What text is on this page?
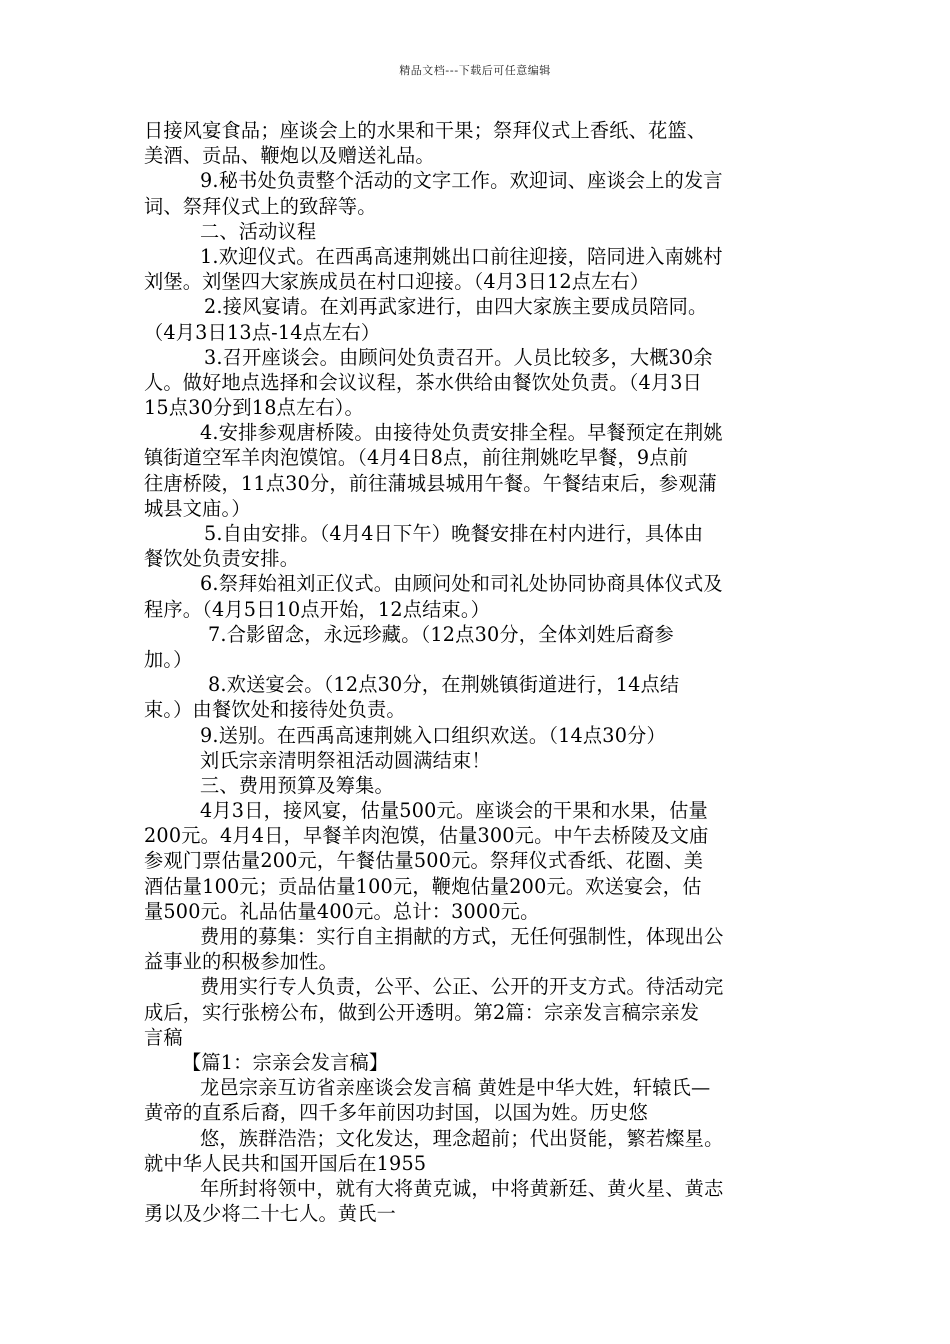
精品文档---下载后可任意编辑
日接风宴食品；座谈会上的水果和干果；祭拜仪式上香纸、花篮、
美酒、贡品、鞭炮以及赠送礼品。
9.秘书处负责整个活动的文字工作。欢迎词、座谈会上的发言
词、祭拜仪式上的致辞等。
二、活动议程
1.欢迎仪式。在西禹高速荆姚出口前往迎接，陪同进入南姚村
刘堡。刘堡四大家族成员在村口迎接。（4月3日12点左右）
2.接风宴请。在刘再武家进行，由四大家族主要成员陪同。
（4月3日13点-14点左右）
3.召开座谈会。由顾问处负责召开。人员比较多，大概30余
人。做好地点选择和会议议程，茶水供给由餐饮处负责。（4月3日
15点30分到18点左右）。
4.安排参观唐桥陵。由接待处负责安排全程。早餐预定在荆姚
镇街道空军羊肉泡馍馆。（4月4日8点，前往荆姚吃早餐，9点前
往唐桥陵，11点30分，前往蒲城县城用午餐。午餐结束后，参观蒲
城县文庙。）
5.自由安排。（4月4日下午）晚餐安排在村内进行，具体由
餐饮处负责安排。
6.祭拜始祖刘正仪式。由顾问处和司礼处协同协商具体仪式及
程序。（4月5日10点开始，12点结束。）
7.合影留念，永远珍藏。（12点30分，全体刘姓后裔参
加。）
8.欢送宴会。（12点30分，在荆姚镇街道进行，14点结
束。）由餐饮处和接待处负责。
9.送别。在西禹高速荆姚入口组织欢送。（14点30分）
刘氏宗亲清明祭祖活动圆满结束！
三、费用预算及筹集。
4月3日，接风宴，估量500元。座谈会的干果和水果，估量
200元。4月4日，早餐羊肉泡馍，估量300元。中午去桥陵及文庙
参观门票估量200元，午餐估量500元。祭拜仪式香纸、花圈、美
酒估量100元；贡品估量100元，鞭炮估量200元。欢送宴会，估
量500元。礼品估量400元。总计：3000元。
费用的募集：实行自主捐献的方式，无任何强制性，体现出公
益事业的积极参加性。
费用实行专人负责，公平、公正、公开的开支方式。待活动完
成后，实行张榜公布，做到公开透明。第2篇：宗亲发言稿宗亲发
言稿
【篇1：宗亲会发言稿】
龙邑宗亲互访省亲座谈会发言稿 黄姓是中华大姓，轩辕氏—
黄帝的直系后裔，四千多年前因功封国，以国为姓。历史悠
悠，族群浩浩；文化发达，理念超前；代出贤能，繁若燦星。
就中华人民共和国开国后在1955
年所封将领中，就有大将黄克诚，中将黄新廷、黄火星、黄志
勇以及少将二十七人。黄氏一
